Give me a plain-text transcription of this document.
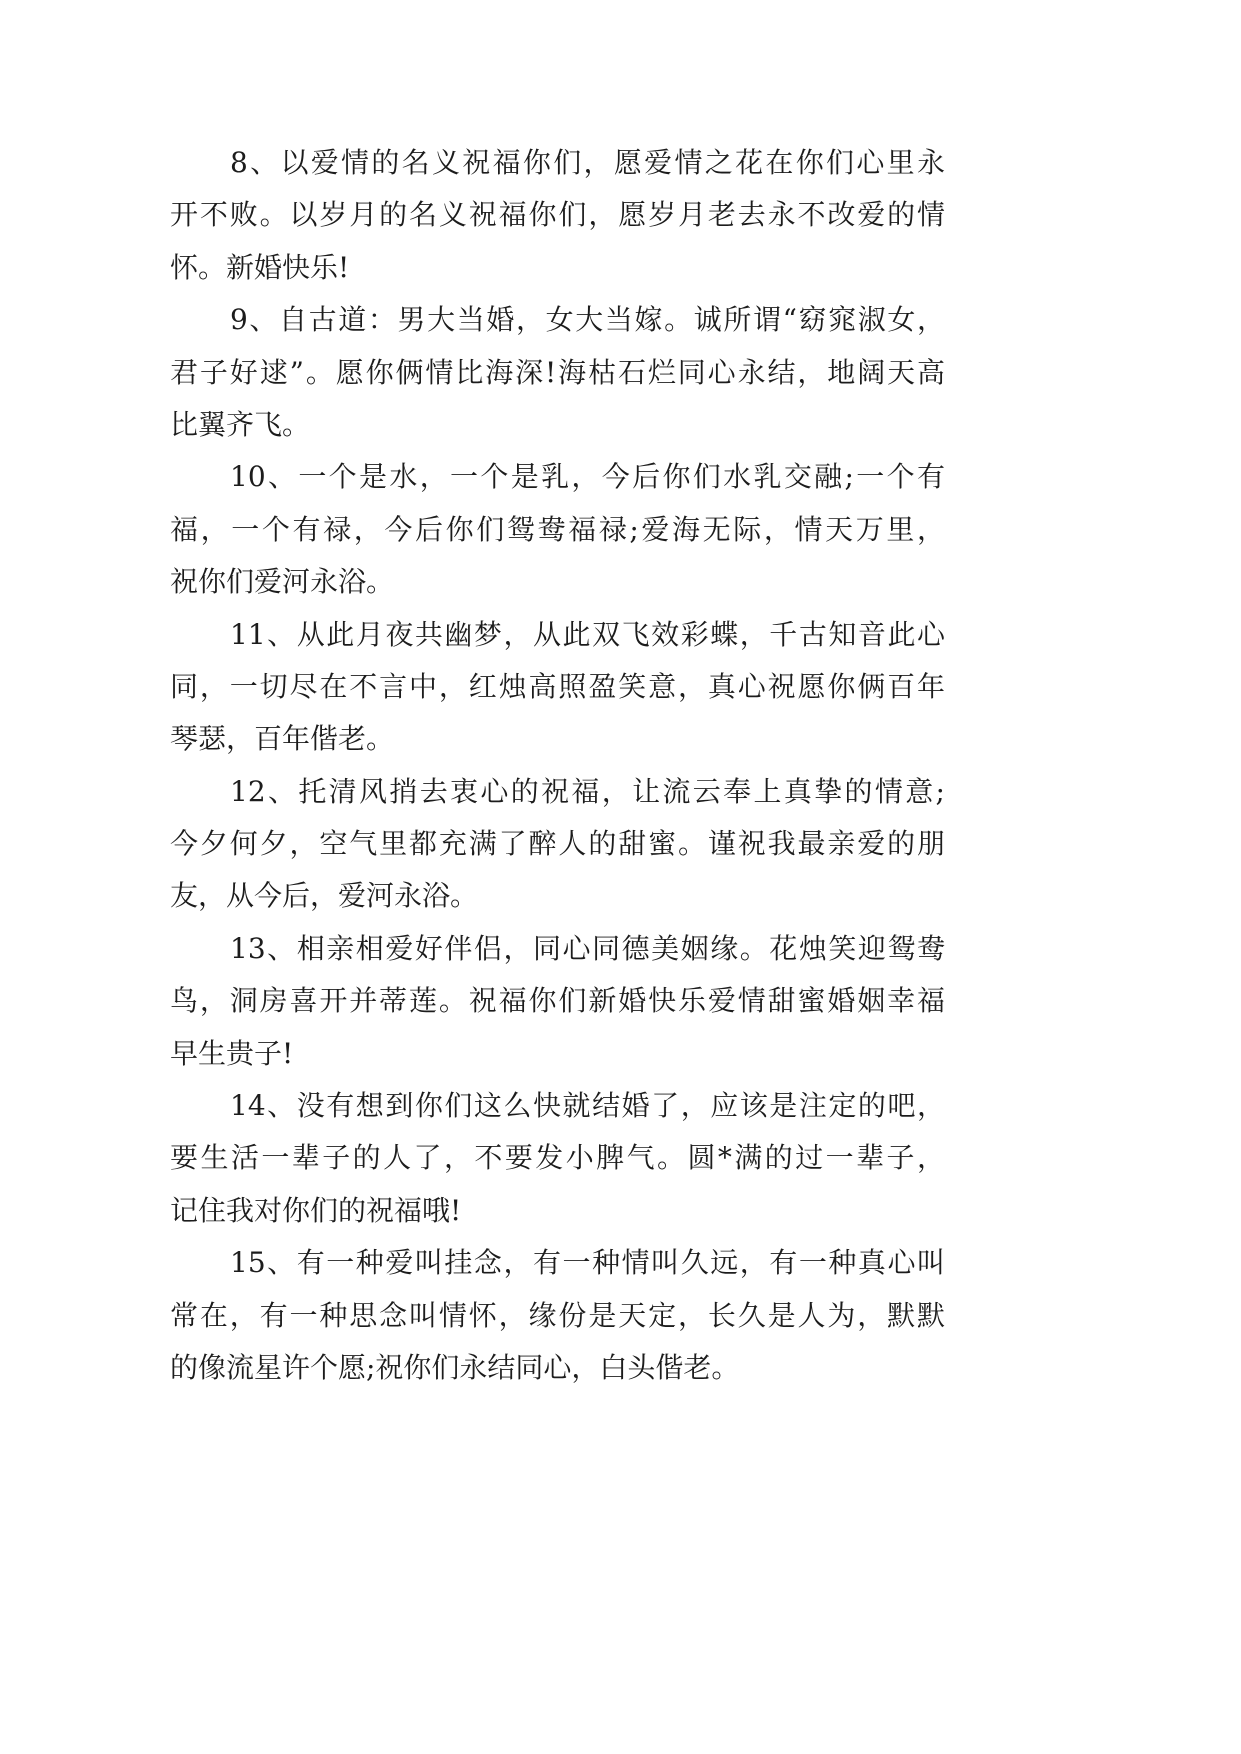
8、以爱情的名义祝福你们，愿爱情之花在你们心里永
开不败。以岁月的名义祝福你们，愿岁月老去永不改爱的情
怀。新婚快乐!
9、自古道：男大当婚，女大当嫁。诚所谓“窈窕淑女，
君子好逑”。愿你俩情比海深!海枯石烂同心永结，地阔天高
比翼齐飞。
10、一个是水，一个是乳，今后你们水乳交融;一个有
福，一个有禄，今后你们鸳鸯福禄;爱海无际，情天万里，
祝你们爱河永浴。
11、从此月夜共幽梦，从此双飞效彩蝶，千古知音此心
同，一切尽在不言中，红烛高照盈笑意，真心祝愿你俩百年
琴瑟，百年偕老。
12、托清风捎去衷心的祝福，让流云奉上真挚的情意;
今夕何夕，空气里都充满了醉人的甜蜜。谨祝我最亲爱的朋
友，从今后，爱河永浴。
13、相亲相爱好伴侣，同心同德美姻缘。花烛笑迎鸳鸯
鸟，洞房喜开并蒂莲。祝福你们新婚快乐爱情甜蜜婚姻幸福
早生贵子!
14、没有想到你们这么快就结婚了，应该是注定的吧，
要生活一辈子的人了，不要发小脾气。圆*满的过一辈子，
记住我对你们的祝福哦!
15、有一种爱叫挂念，有一种情叫久远，有一种真心叫
常在，有一种思念叫情怀，缘份是天定，长久是人为，默默
的像流星许个愿;祝你们永结同心，白头偕老。
